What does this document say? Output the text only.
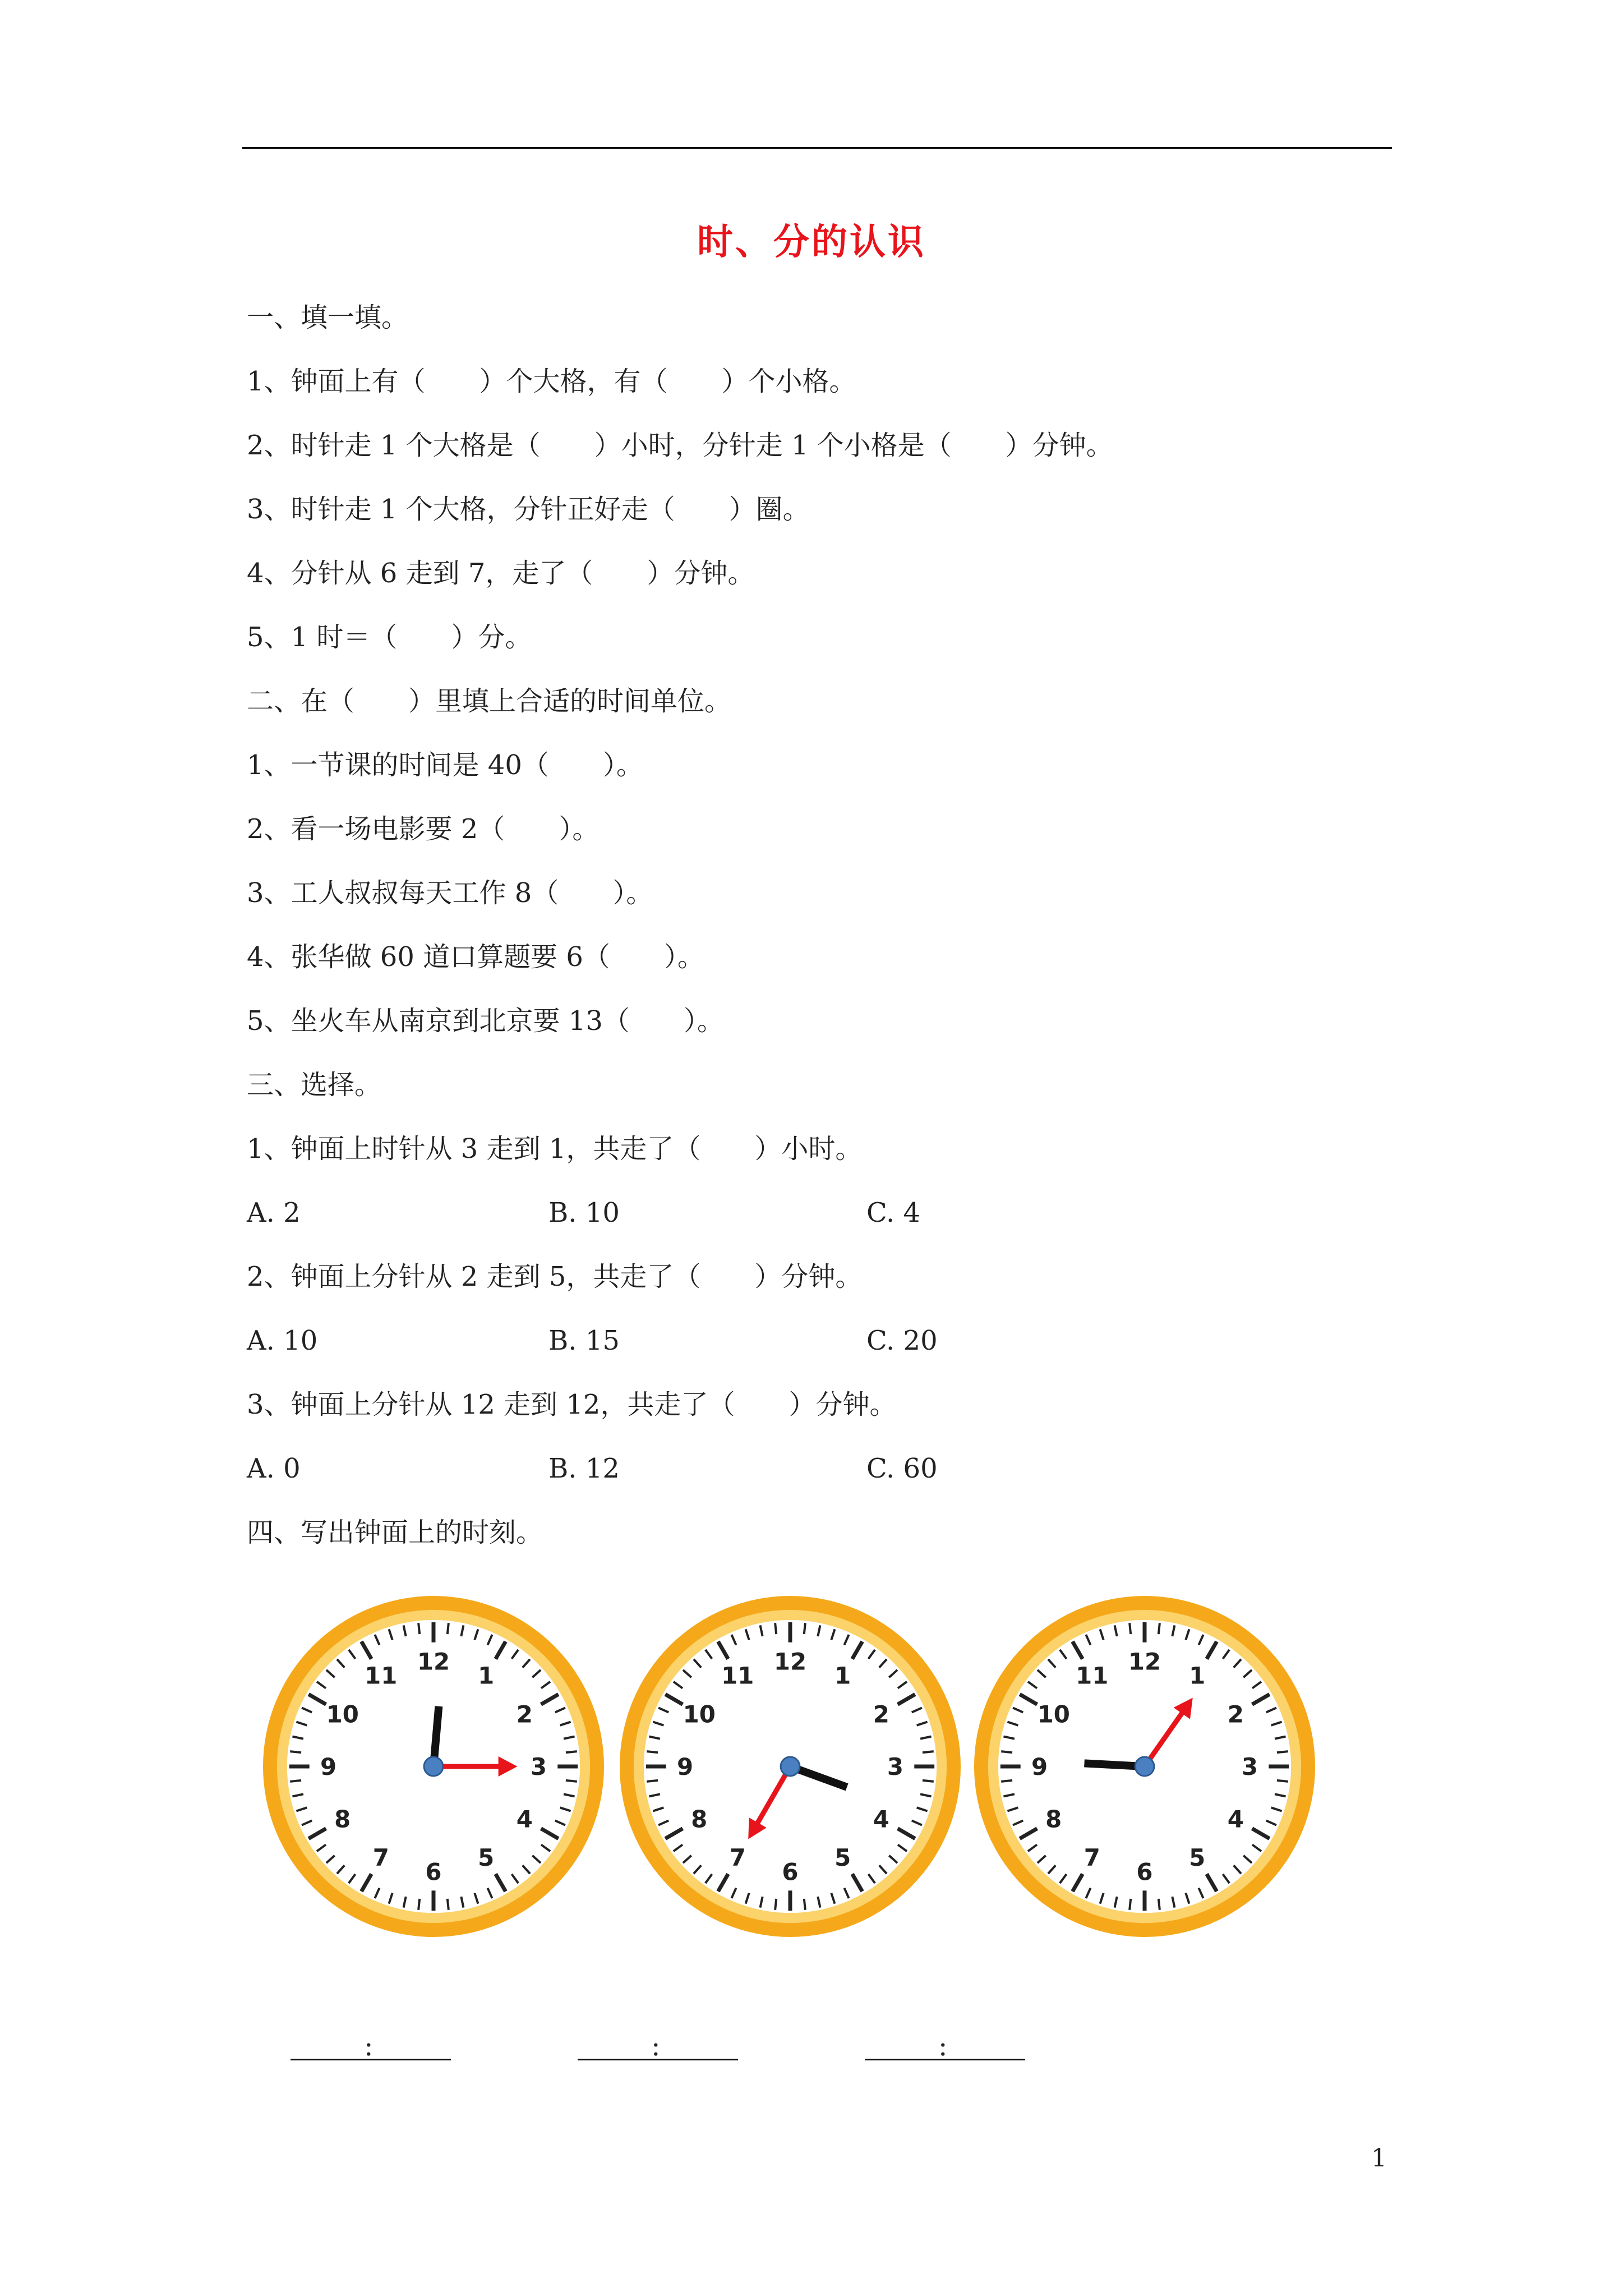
时、分的认识
一、填一填。
1、钟面上有（　　）个大格，有（　　）个小格。
2、时针走 1 个大格是（　　）小时，分针走 1 个小格是（　　）分钟。
3、时针走 1 个大格，分针正好走（　　）圈。
4、分针从 6 走到 7，走了（　　）分钟。
5、1 时＝（　　）分。
二、在（　　）里填上合适的时间单位。
1、一节课的时间是 40（　　）。
2、看一场电影要 2（　　）。
3、工人叔叔每天工作 8（　　）。
4、张华做 60 道口算题要 6（　　）。
5、坐火车从南京到北京要 13（　　）。
三、选择。
1、钟面上时针从 3 走到 1，共走了（　　）小时。
A. 2	B. 10	C. 4
2、钟面上分针从 2 走到 5，共走了（　　）分钟。
A. 10	B. 15	C. 20
3、钟面上分针从 12 走到 12，共走了（　　）分钟。
A. 0	B. 12	C. 60
四、写出钟面上的时刻。
12
1
2
3
4
5
6
7
8
9
10
11
12
1
2
3
4
5
6
7
8
9
10
11
12
1
2
3
4
5
6
7
8
9
10
11
：	：	：
1
